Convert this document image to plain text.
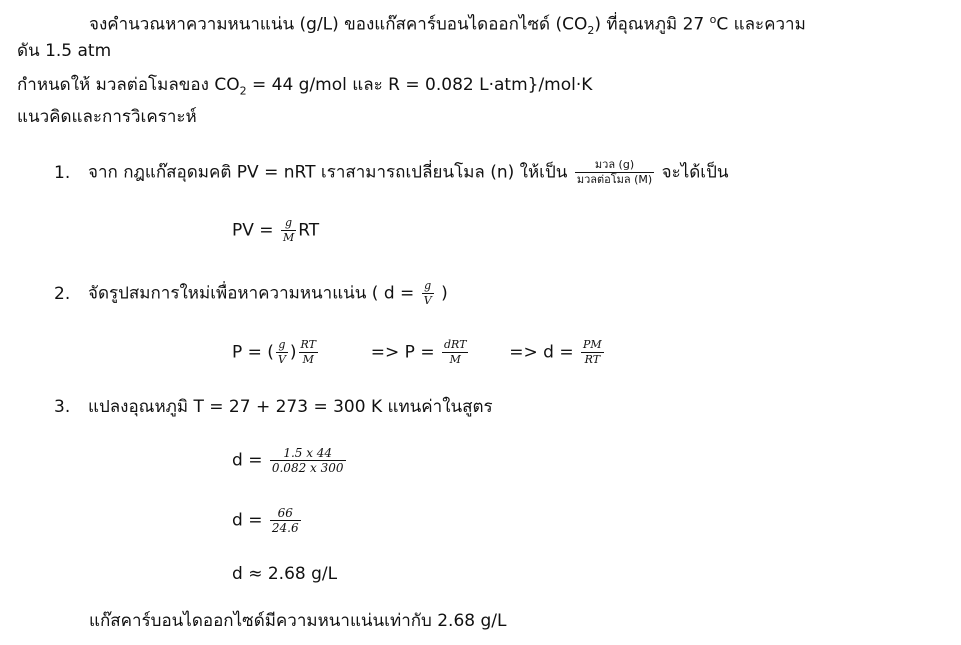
จงคำนวณหาความหนาแน่น (g/L) ของแก๊สคาร์บอนไดออกไซด์ $(CO_2)$ ที่อุณหภูมิ 27 $^o$C และความ
ดัน 1.5 atm
กำหนดให้ มวลต่อโมลของ $CO_2 = 44$ g/mol และ R = 0.082 L·atm}/mol·K
แนวคิดและการวิเคราะห์
1. จาก กฎแก๊สอุดมคติ PV = nRT เราสามารถเปลี่ยนโมล (n) ให้เป็น $\frac{\text{มวล (g)}}{\text{มวลต่อโมล (M)}}$ จะได้เป็น
PV = $\frac{g}{M}$ RT
2. จัดรูปสมการใหม่เพื่อหาความหนาแน่น ( $d = \frac{g}{V}$ )
P = ( $\frac{g}{V}$ ) $\frac{RT}{M}$	=> $P = \frac{\text{dRT}}{M} => d = \frac{PM}{RT}$
3. แปลงอุณหภูมิ T = 27 + 273 = 300 K แทนค่าในสูตร
$d = \frac{1.5 x 44}{0.082 x 300}$
$d = \frac{66}{24.6}$
d ≈ 2.68 g/L
แก๊สคาร์บอนไดออกไซด์มีความหนาแน่นเท่ากับ 2.68 g/L
